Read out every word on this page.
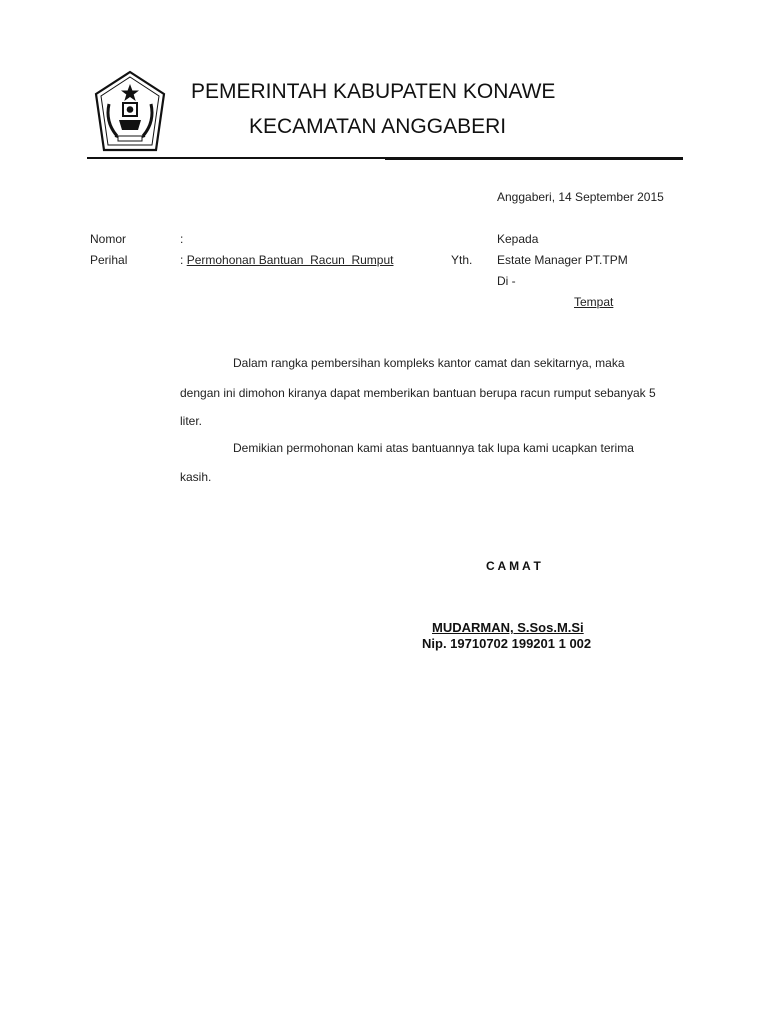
PEMERINTAH KABUPATEN KONAWE
KECAMATAN ANGGABERI
Anggaberi, 14 September 2015
Nomor	:
Perihal	: Permohonan Bantuan  Racun  Rumput	Yth.
Kepada
Estate Manager PT.TPM
Di -
Tempat
Dalam rangka pembersihan kompleks kantor camat dan sekitarnya, maka
dengan ini dimohon kiranya dapat memberikan bantuan berupa racun rumput sebanyak 5
liter.
Demikian permohonan kami atas bantuannya tak lupa kami ucapkan terima
kasih.
C A M A T
MUDARMAN, S.Sos.M.Si
Nip. 19710702 199201 1 002
